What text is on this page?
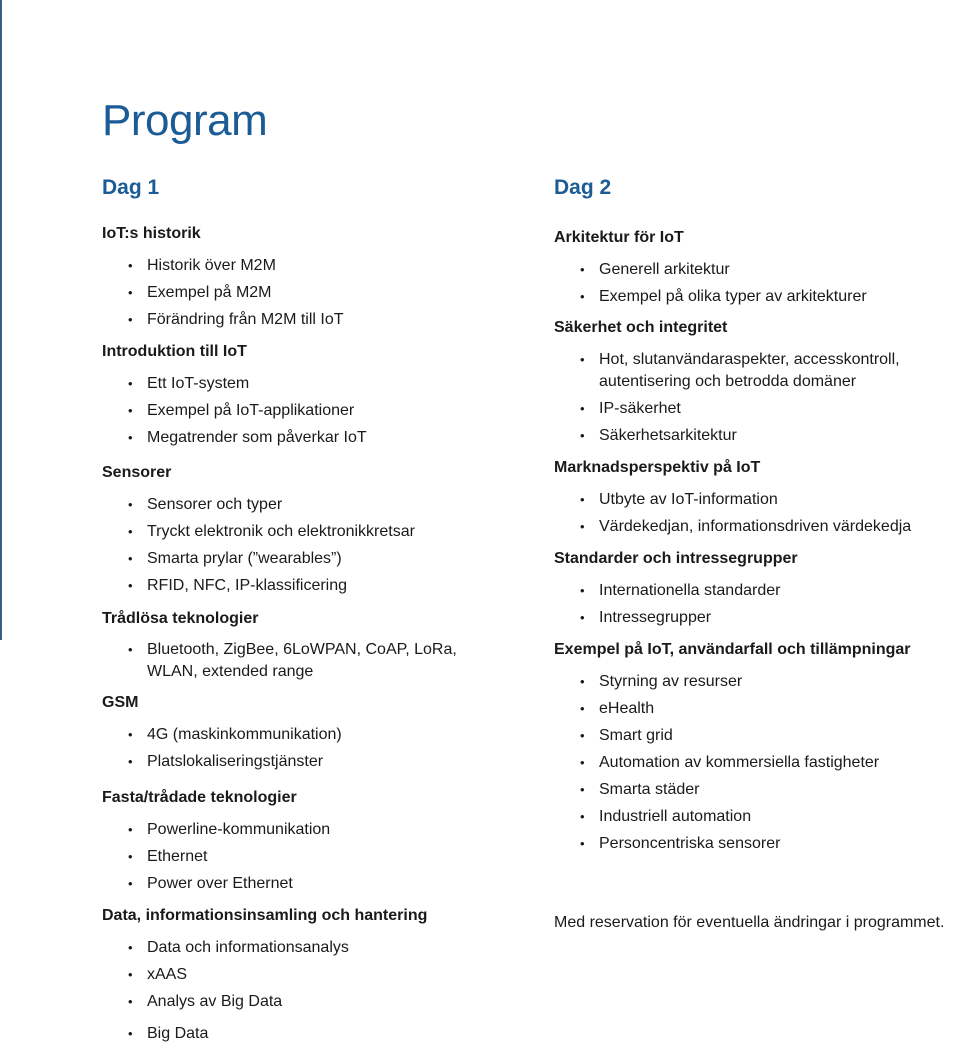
Program
Dag 1
IoT:s historik
• Historik över M2M
• Exempel på M2M
• Förändring från M2M till IoT
Introduktion till IoT
• Ett IoT-system
• Exempel på IoT-applikationer
• Megatrender som påverkar IoT
Sensorer
• Sensorer och typer
• Tryckt elektronik och elektronikkretsar
• Smarta prylar (”wearables”)
• RFID, NFC, IP-klassificering
Trådlösa teknologier
• Bluetooth, ZigBee, 6LoWPAN, CoAP, LoRa, WLAN, extended range
GSM
• 4G (maskinkommunikation)
• Platslokaliseringstjänster
Fasta/trådade teknologier
• Powerline-kommunikation
• Ethernet
• Power over Ethernet
Data, informationsinsamling och hantering
• Data och informationsanalys
• xAAS
• Analys av Big Data
• Big Data
Dag 2
Arkitektur för IoT
• Generell arkitektur
• Exempel på olika typer av arkitekturer
Säkerhet och integritet
• Hot, slutanvändaraspekter, accesskontroll, autentisering och betrodda domäner
• IP-säkerhet
• Säkerhetsarkitektur
Marknadsperspektiv på IoT
• Utbyte av IoT-information
• Värdekedjan, informationsdriven värdekedja
Standarder och intressegrupper
• Internationella standarder
• Intressegrupper
Exempel på IoT, användarfall och tillämpningar
• Styrning av resurser
• eHealth
• Smart grid
• Automation av kommersiella fastigheter
• Smarta städer
• Industriell automation
• Personcentriska sensorer

Med reservation för eventuella ändringar i programmet.
